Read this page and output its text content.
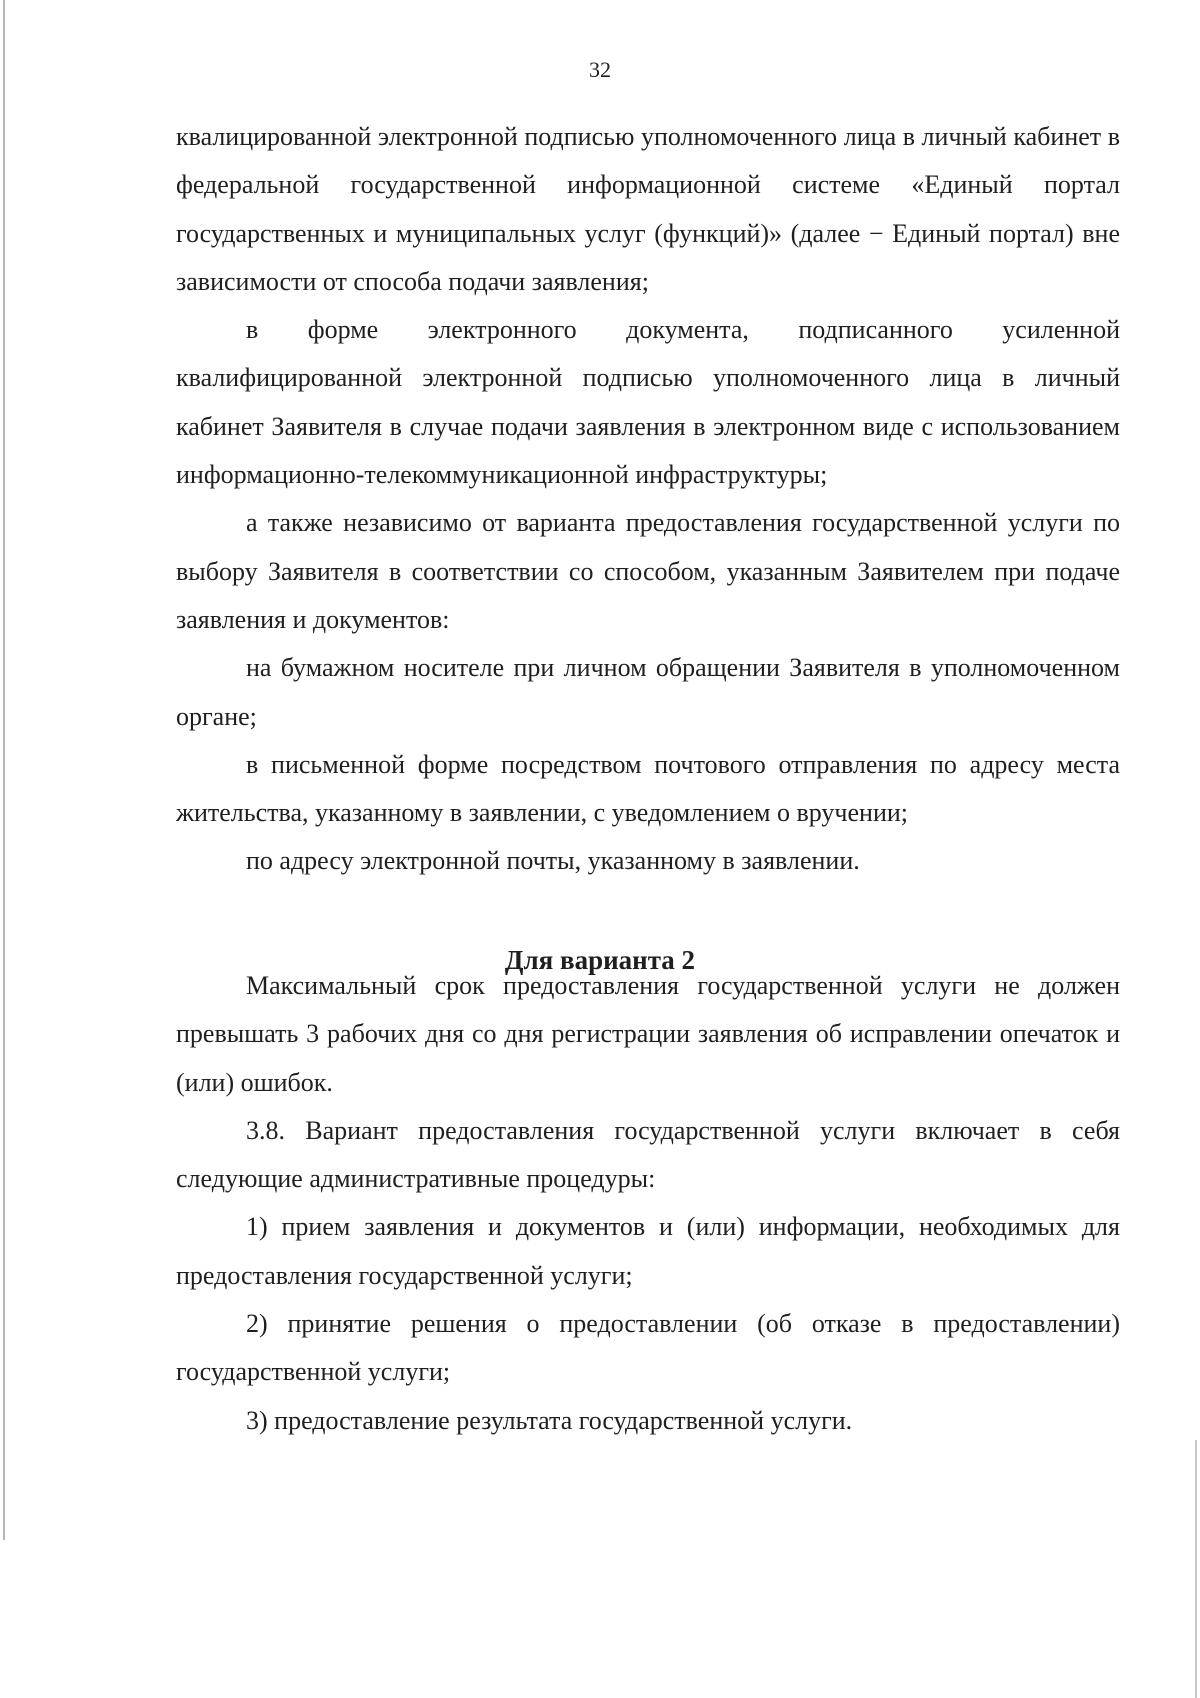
32

квалицированной электронной подписью уполномоченного лица в личный кабинет в федеральной государственной информационной системе «Единый портал государственных и муниципальных услуг (функций)» (далее − Единый портал) вне зависимости от способа подачи заявления;

в форме электронного документа, подписанного усиленной квалифицированной электронной подписью уполномоченного лица в личный кабинет Заявителя в случае подачи заявления в электронном виде с использованием информационно-телекоммуникационной инфраструктуры;

а также независимо от варианта предоставления государственной услуги по выбору Заявителя в соответствии со способом, указанным Заявителем при подаче заявления и документов:

на бумажном носителе при личном обращении Заявителя в уполномоченном органе;

в письменной форме посредством почтового отправления по адресу места жительства, указанному в заявлении, с уведомлением о вручении;

по адресу электронной почты, указанному в заявлении.

Для варианта 2

Максимальный срок предоставления государственной услуги не должен превышать 3 рабочих дня со дня регистрации заявления об исправлении опечаток и (или) ошибок.

3.8. Вариант предоставления государственной услуги включает в себя следующие административные процедуры:

1) прием заявления и документов и (или) информации, необходимых для предоставления государственной услуги;

2) принятие решения о предоставлении (об отказе в предоставлении) государственной услуги;

3) предоставление результата государственной услуги.
